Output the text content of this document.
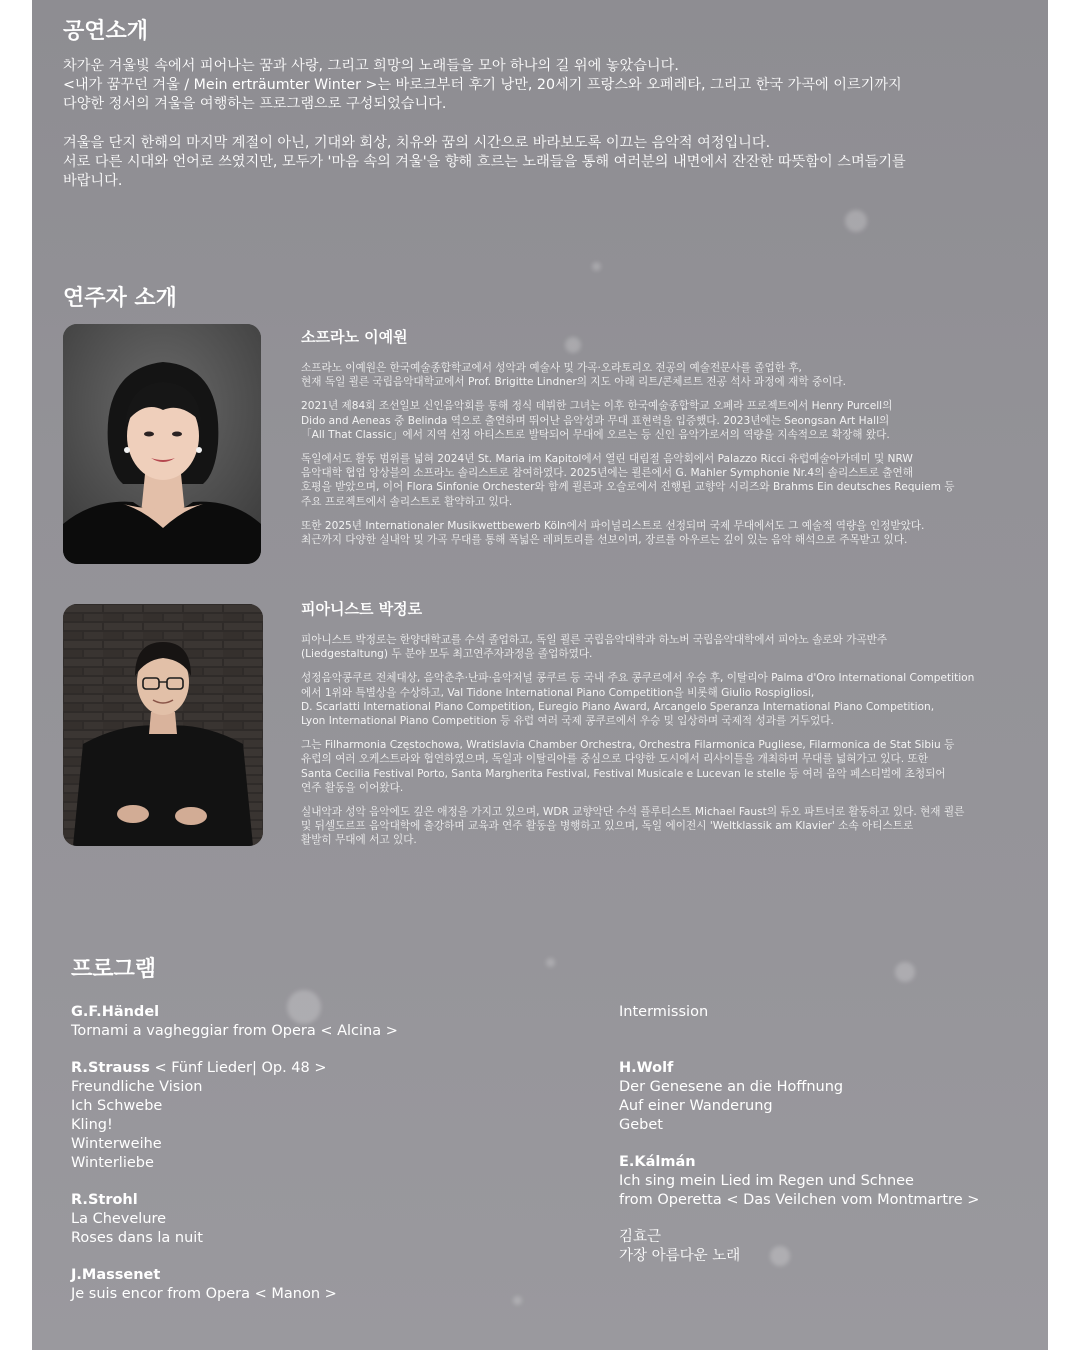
공연소개

차가운 겨울빛 속에서 피어나는 꿈과 사랑, 그리고 희망의 노래들을 모아 하나의 길 위에 놓았습니다.
<내가 꿈꾸던 겨울 / Mein erträumter Winter >는 바로크부터 후기 낭만, 20세기 프랑스와 오페레타, 그리고 한국 가곡에 이르기까지
다양한 정서의 겨울을 여행하는 프로그램으로 구성되었습니다.

겨울을 단지 한해의 마지막 계절이 아닌, 기대와 회상, 치유와 꿈의 시간으로 바라보도록 이끄는 음악적 여정입니다.
서로 다른 시대와 언어로 쓰였지만, 모두가 '마음 속의 겨울'을 향해 흐르는 노래들을 통해 여러분의 내면에서 잔잔한 따뜻함이 스며들기를
바랍니다.

연주자 소개
소프라노 이예원

소프라노 이예원은 한국예술종합학교에서 성악과 예술사 및 가곡·오라토리오 전공의 예술전문사를 졸업한 후,
현재 독일 쾰른 국립음악대학교에서 Prof. Brigitte Lindner의 지도 아래 리트/콘체르트 전공 석사 과정에 재학 중이다.

2021년 제84회 조선일보 신인음악회를 통해 정식 데뷔한 그녀는 이후 한국예술종합학교 오페라 프로젝트에서 Henry Purcell의
Dido and Aeneas 중 Belinda 역으로 출연하며 뛰어난 음악성과 무대 표현력을 입증했다. 2023년에는 Seongsan Art Hall의
「All That Classic」에서 지역 선정 아티스트로 발탁되어 무대에 오르는 등 신인 음악가로서의 역량을 지속적으로 확장해 왔다.

독일에서도 활동 범위를 넓혀 2024년 St. Maria im Kapitol에서 열린 대림절 음악회에서 Palazzo Ricci 유럽예술아카데미 및 NRW
음악대학 협업 앙상블의 소프라노 솔리스트로 참여하였다. 2025년에는 쾰른에서 G. Mahler Symphonie Nr.4의 솔리스트로 출연해
호평을 받았으며, 이어 Flora Sinfonie Orchester와 함께 쾰른과 오슬로에서 진행된 교향악 시리즈와 Brahms Ein deutsches Requiem 등
주요 프로젝트에서 솔리스트로 활약하고 있다.

또한 2025년 Internationaler Musikwettbewerb Köln에서 파이널리스트로 선정되며 국제 무대에서도 그 예술적 역량을 인정받았다.
최근까지 다양한 실내악 및 가곡 무대를 통해 폭넓은 레퍼토리를 선보이며, 장르를 아우르는 깊이 있는 음악 해석으로 주목받고 있다.

피아니스트 박정로

피아니스트 박정로는 한양대학교를 수석 졸업하고, 독일 쾰른 국립음악대학과 하노버 국립음악대학에서 피아노 솔로와 가곡반주
(Liedgestaltung) 두 분야 모두 최고연주자과정을 졸업하였다.

성정음악콩쿠르 전체대상, 음악춘추·난파·음악저널 콩쿠르 등 국내 주요 콩쿠르에서 우승 후, 이탈리아 Palma d'Oro International Competition
에서 1위와 특별상을 수상하고, Val Tidone International Piano Competition을 비롯해 Giulio Rospigliosi,
D. Scarlatti International Piano Competition, Euregio Piano Award, Arcangelo Speranza International Piano Competition,
Lyon International Piano Competition 등 유럽 여러 국제 콩쿠르에서 우승 및 입상하며 국제적 성과를 거두었다.

그는 Filharmonia Częstochowa, Wratislavia Chamber Orchestra, Orchestra Filarmonica Pugliese, Filarmonica de Stat Sibiu 등
유럽의 여러 오케스트라와 협연하였으며, 독일과 이탈리아를 중심으로 다양한 도시에서 리사이틀을 개최하며 무대를 넓혀가고 있다. 또한
Santa Cecilia Festival Porto, Santa Margherita Festival, Festival Musicale e Lucevan le stelle 등 여러 음악 페스티벌에 초청되어
연주 활동을 이어왔다.

실내악과 성악 음악에도 깊은 애정을 가지고 있으며, WDR 교향악단 수석 플루티스트 Michael Faust의 듀오 파트너로 활동하고 있다. 현재 쾰른
및 뒤셀도르프 음악대학에 출강하며 교육과 연주 활동을 병행하고 있으며, 독일 에이전시 'Weltklassik am Klavier' 소속 아티스트로
활발히 무대에 서고 있다.

프로그램
G.F.Händel
Tornami a vagheggiar from Opera < Alcina >
R.Strauss < Fünf Lieder| Op. 48 >
Freundliche Vision
Ich Schwebe
Kling!
Winterweihe
Winterliebe
R.Strohl
La Chevelure
Roses dans la nuit
J.Massenet
Je suis encor from Opera < Manon >
Intermission
H.Wolf
Der Genesene an die Hoffnung
Auf einer Wanderung
Gebet
E.Kálmán
Ich sing mein Lied im Regen und Schnee
from Operetta < Das Veilchen vom Montmartre >
김효근
가장 아름다운 노래
